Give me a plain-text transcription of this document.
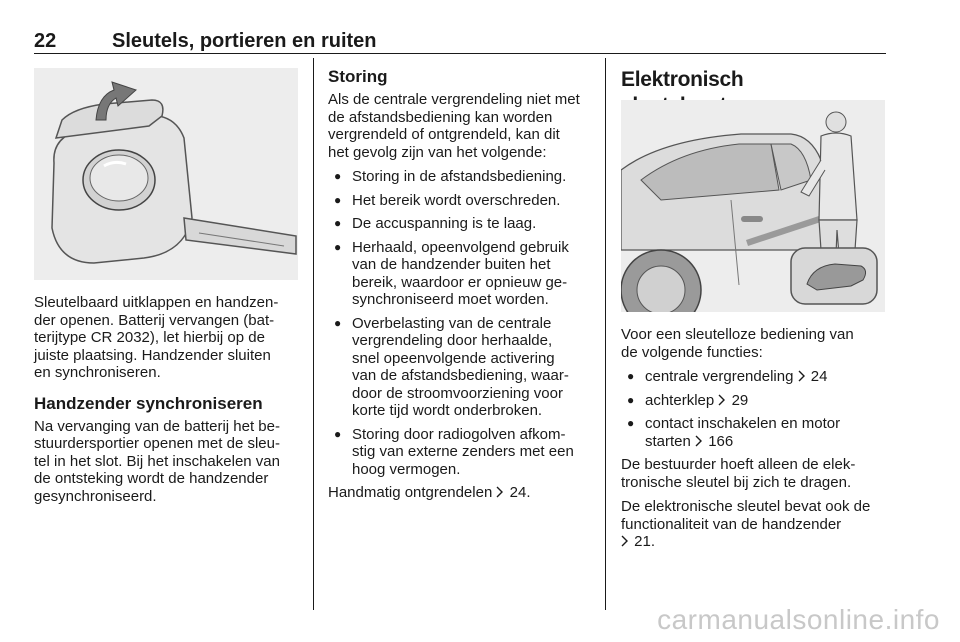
22	Sleutels, portieren en ruiten

Sleutelbaard uitklappen en handzen-
der openen. Batterij vervangen (bat-
terijtype CR 2032), let hierbij op de
juiste plaatsing. Handzender sluiten
en synchroniseren.

Handzender synchroniseren

Na vervanging van de batterij het be-
stuurdersportier openen met de sleu-
tel in het slot. Bij het inschakelen van
de ontsteking wordt de handzender
gesynchroniseerd.

Storing

Als de centrale vergrendeling niet met
de afstandsbediening kan worden
vergrendeld of ontgrendeld, kan dit
het gevolg zijn van het volgende:

● Storing in de afstandsbediening.
● Het bereik wordt overschreden.
● De accuspanning is te laag.
● Herhaald, opeenvolgend gebruik
van de handzender buiten het
bereik, waardoor er opnieuw ge-
synchroniseerd moet worden.
● Overbelasting van de centrale
vergrendeling door herhaalde,
snel opeenvolgende activering
van de afstandsbediening, waar-
door de stroomvoorziening voor
korte tijd wordt onderbroken.
● Storing door radiogolven afkom-
stig van externe zenders met een
hoog vermogen.

Handmatig ontgrendelen 24.

Elektronisch

Voor een sleutelloze bediening van
de volgende functies:

● centrale vergrendeling 24
● achterklep 29
● contact inschakelen en motor
starten 166

De bestuurder hoeft alleen de elek-
tronische sleutel bij zich te dragen.

De elektronische sleutel bevat ook de
functionaliteit van de handzender
21.

carmanualsonline.info
